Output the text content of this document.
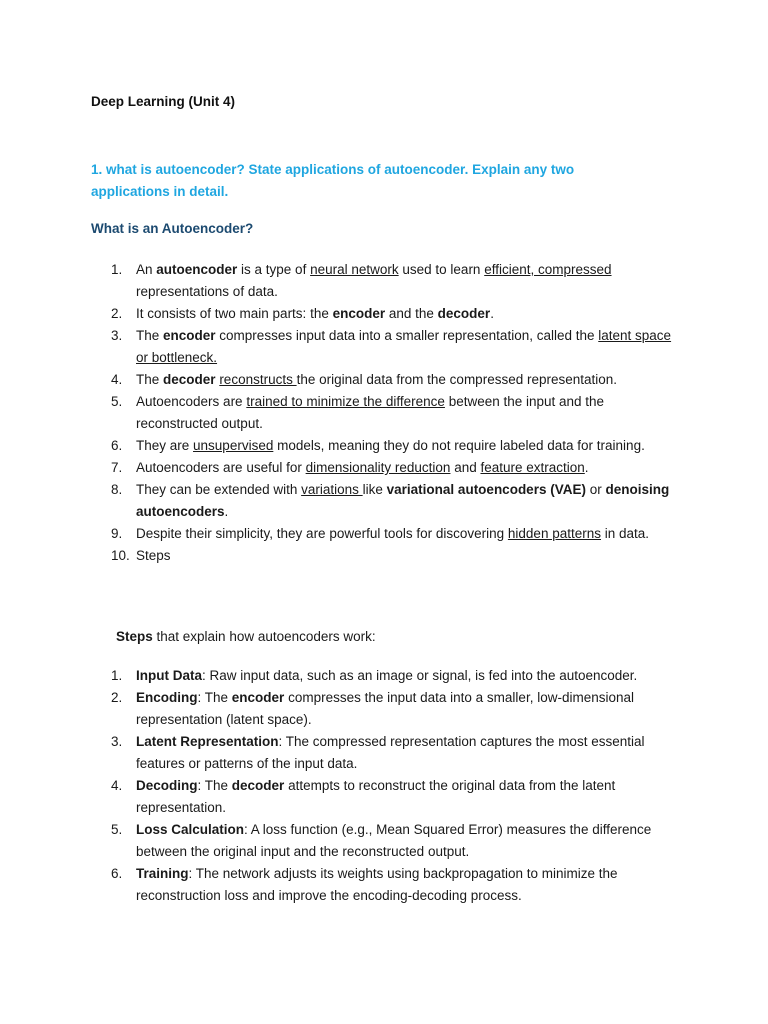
Deep Learning (Unit 4)

1. what is autoencoder? State applications of autoencoder. Explain any two applications in detail.

What is an Autoencoder?
1. An autoencoder is a type of neural network used to learn efficient, compressed representations of data.
2. It consists of two main parts: the encoder and the decoder.
3. The encoder compresses input data into a smaller representation, called the latent space or bottleneck.
4. The decoder reconstructs the original data from the compressed representation.
5. Autoencoders are trained to minimize the difference between the input and the reconstructed output.
6. They are unsupervised models, meaning they do not require labeled data for training.
7. Autoencoders are useful for dimensionality reduction and feature extraction.
8. They can be extended with variations like variational autoencoders (VAE) or denoising autoencoders.
9. Despite their simplicity, they are powerful tools for discovering hidden patterns in data.
10. Steps
Steps that explain how autoencoders work:
1. Input Data: Raw input data, such as an image or signal, is fed into the autoencoder.
2. Encoding: The encoder compresses the input data into a smaller, low-dimensional representation (latent space).
3. Latent Representation: The compressed representation captures the most essential features or patterns of the input data.
4. Decoding: The decoder attempts to reconstruct the original data from the latent representation.
5. Loss Calculation: A loss function (e.g., Mean Squared Error) measures the difference between the original input and the reconstructed output.
6. Training: The network adjusts its weights using backpropagation to minimize the reconstruction loss and improve the encoding-decoding process.
